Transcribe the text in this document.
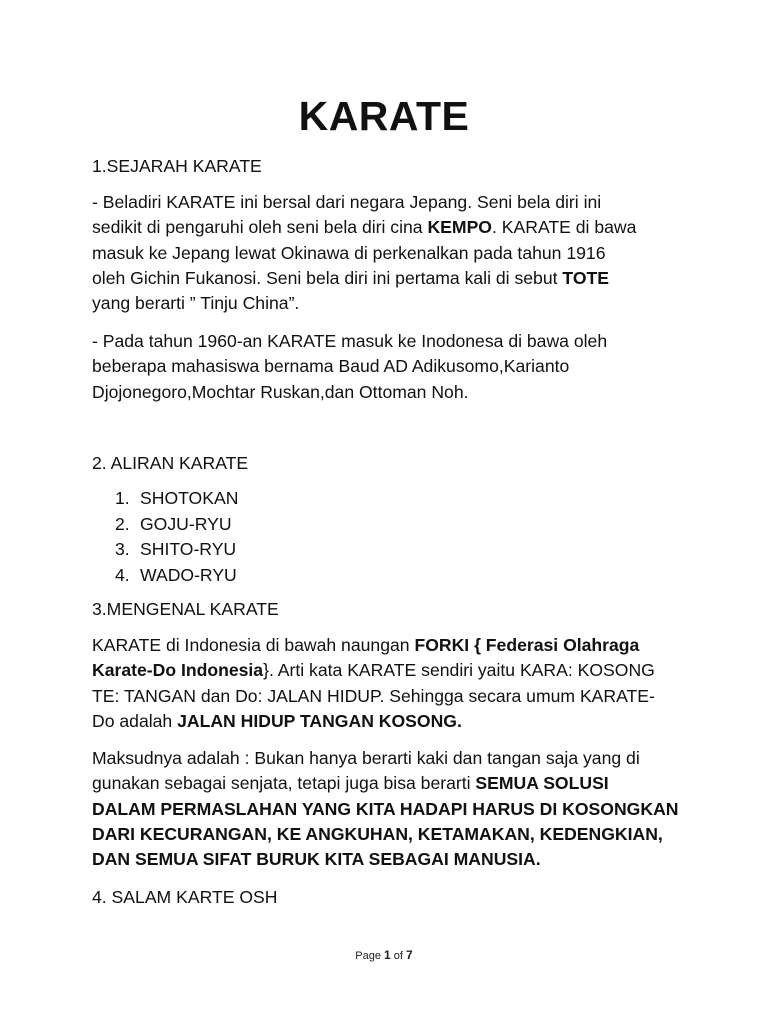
KARATE

1.SEJARAH KARATE

- Beladiri KARATE ini bersal dari negara Jepang. Seni bela diri ini
sedikit di pengaruhi oleh seni bela diri cina KEMPO. KARATE di bawa
masuk ke Jepang lewat Okinawa di perkenalkan pada tahun 1916
oleh Gichin Fukanosi. Seni bela diri ini pertama kali di sebut TOTE
yang berarti ” Tinju China”.

- Pada tahun 1960-an KARATE masuk ke Inodonesa di bawa oleh
beberapa mahasiswa bernama Baud AD Adikusomo,Karianto
Djojonegoro,Mochtar Ruskan,dan Ottoman Noh.

2. ALIRAN KARATE

1. SHOTOKAN
2. GOJU-RYU
3. SHITO-RYU
4. WADO-RYU

3.MENGENAL KARATE

KARATE di Indonesia di bawah naungan FORKI { Federasi Olahraga
Karate-Do Indonesia}. Arti kata KARATE sendiri yaitu KARA: KOSONG
TE: TANGAN dan Do: JALAN HIDUP. Sehingga secara umum KARATE-
Do adalah JALAN HIDUP TANGAN KOSONG.

Maksudnya adalah : Bukan hanya berarti kaki dan tangan saja yang di
gunakan sebagai senjata, tetapi juga bisa berarti SEMUA SOLUSI
DALAM PERMASLAHAN YANG KITA HADAPI HARUS DI KOSONGKAN
DARI KECURANGAN, KE ANGKUHAN, KETAMAKAN, KEDENGKIAN,
DAN SEMUA SIFAT BURUK KITA SEBAGAI MANUSIA.

4. SALAM KARTE OSH

Page 1 of 7
